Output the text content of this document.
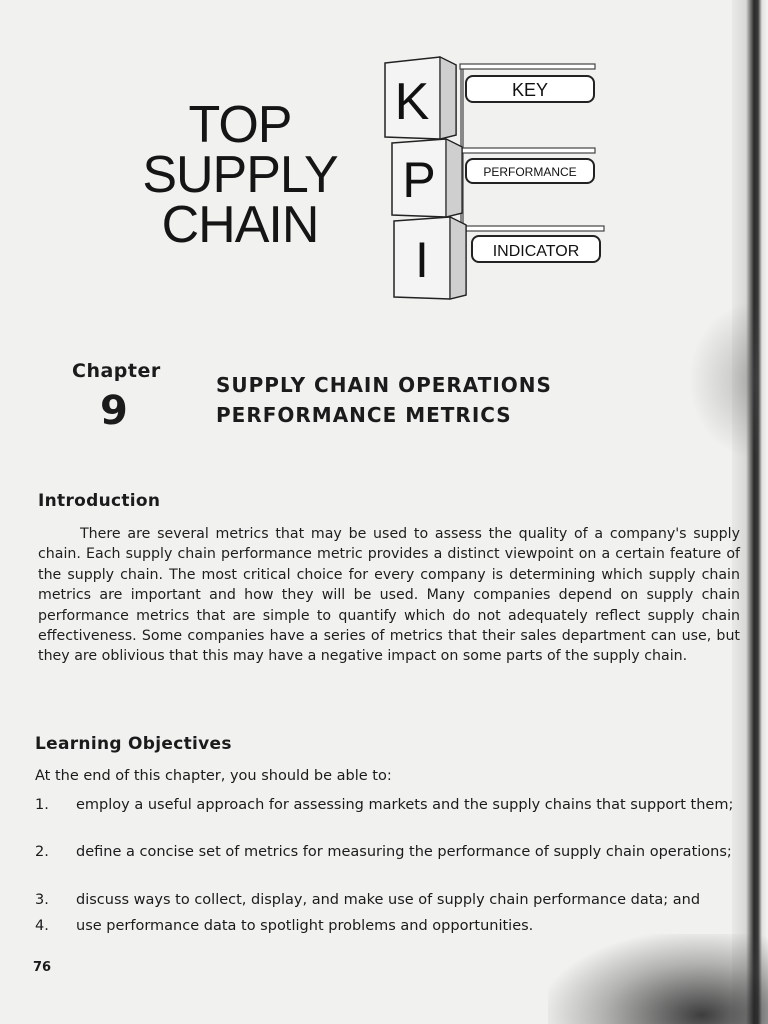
TOP
SUPPLY
CHAIN
KEY
PERFORMANCE
INDICATOR
K
P
I
Chapter
9
SUPPLY CHAIN OPERATIONS
PERFORMANCE METRICS
Introduction
There are several metrics that may be used to assess the quality of a company's supply chain. Each supply chain performance metric provides a distinct viewpoint on a certain feature of the supply chain. The most critical choice for every company is determining which supply chain metrics are important and how they will be used. Many companies depend on supply chain performance metrics that are simple to quantify which do not adequately reflect supply chain effectiveness. Some companies have a series of metrics that their sales department can use, but they are oblivious that this may have a negative impact on some parts of the supply chain.
Learning Objectives
At the end of this chapter, you should be able to:
1.	employ a useful approach for assessing markets and the supply chains that support them;
2.	define a concise set of metrics for measuring the performance of supply chain operations;
3.	discuss ways to collect, display, and make use of supply chain performance data; and
4.	use performance data to spotlight problems and opportunities.
76
